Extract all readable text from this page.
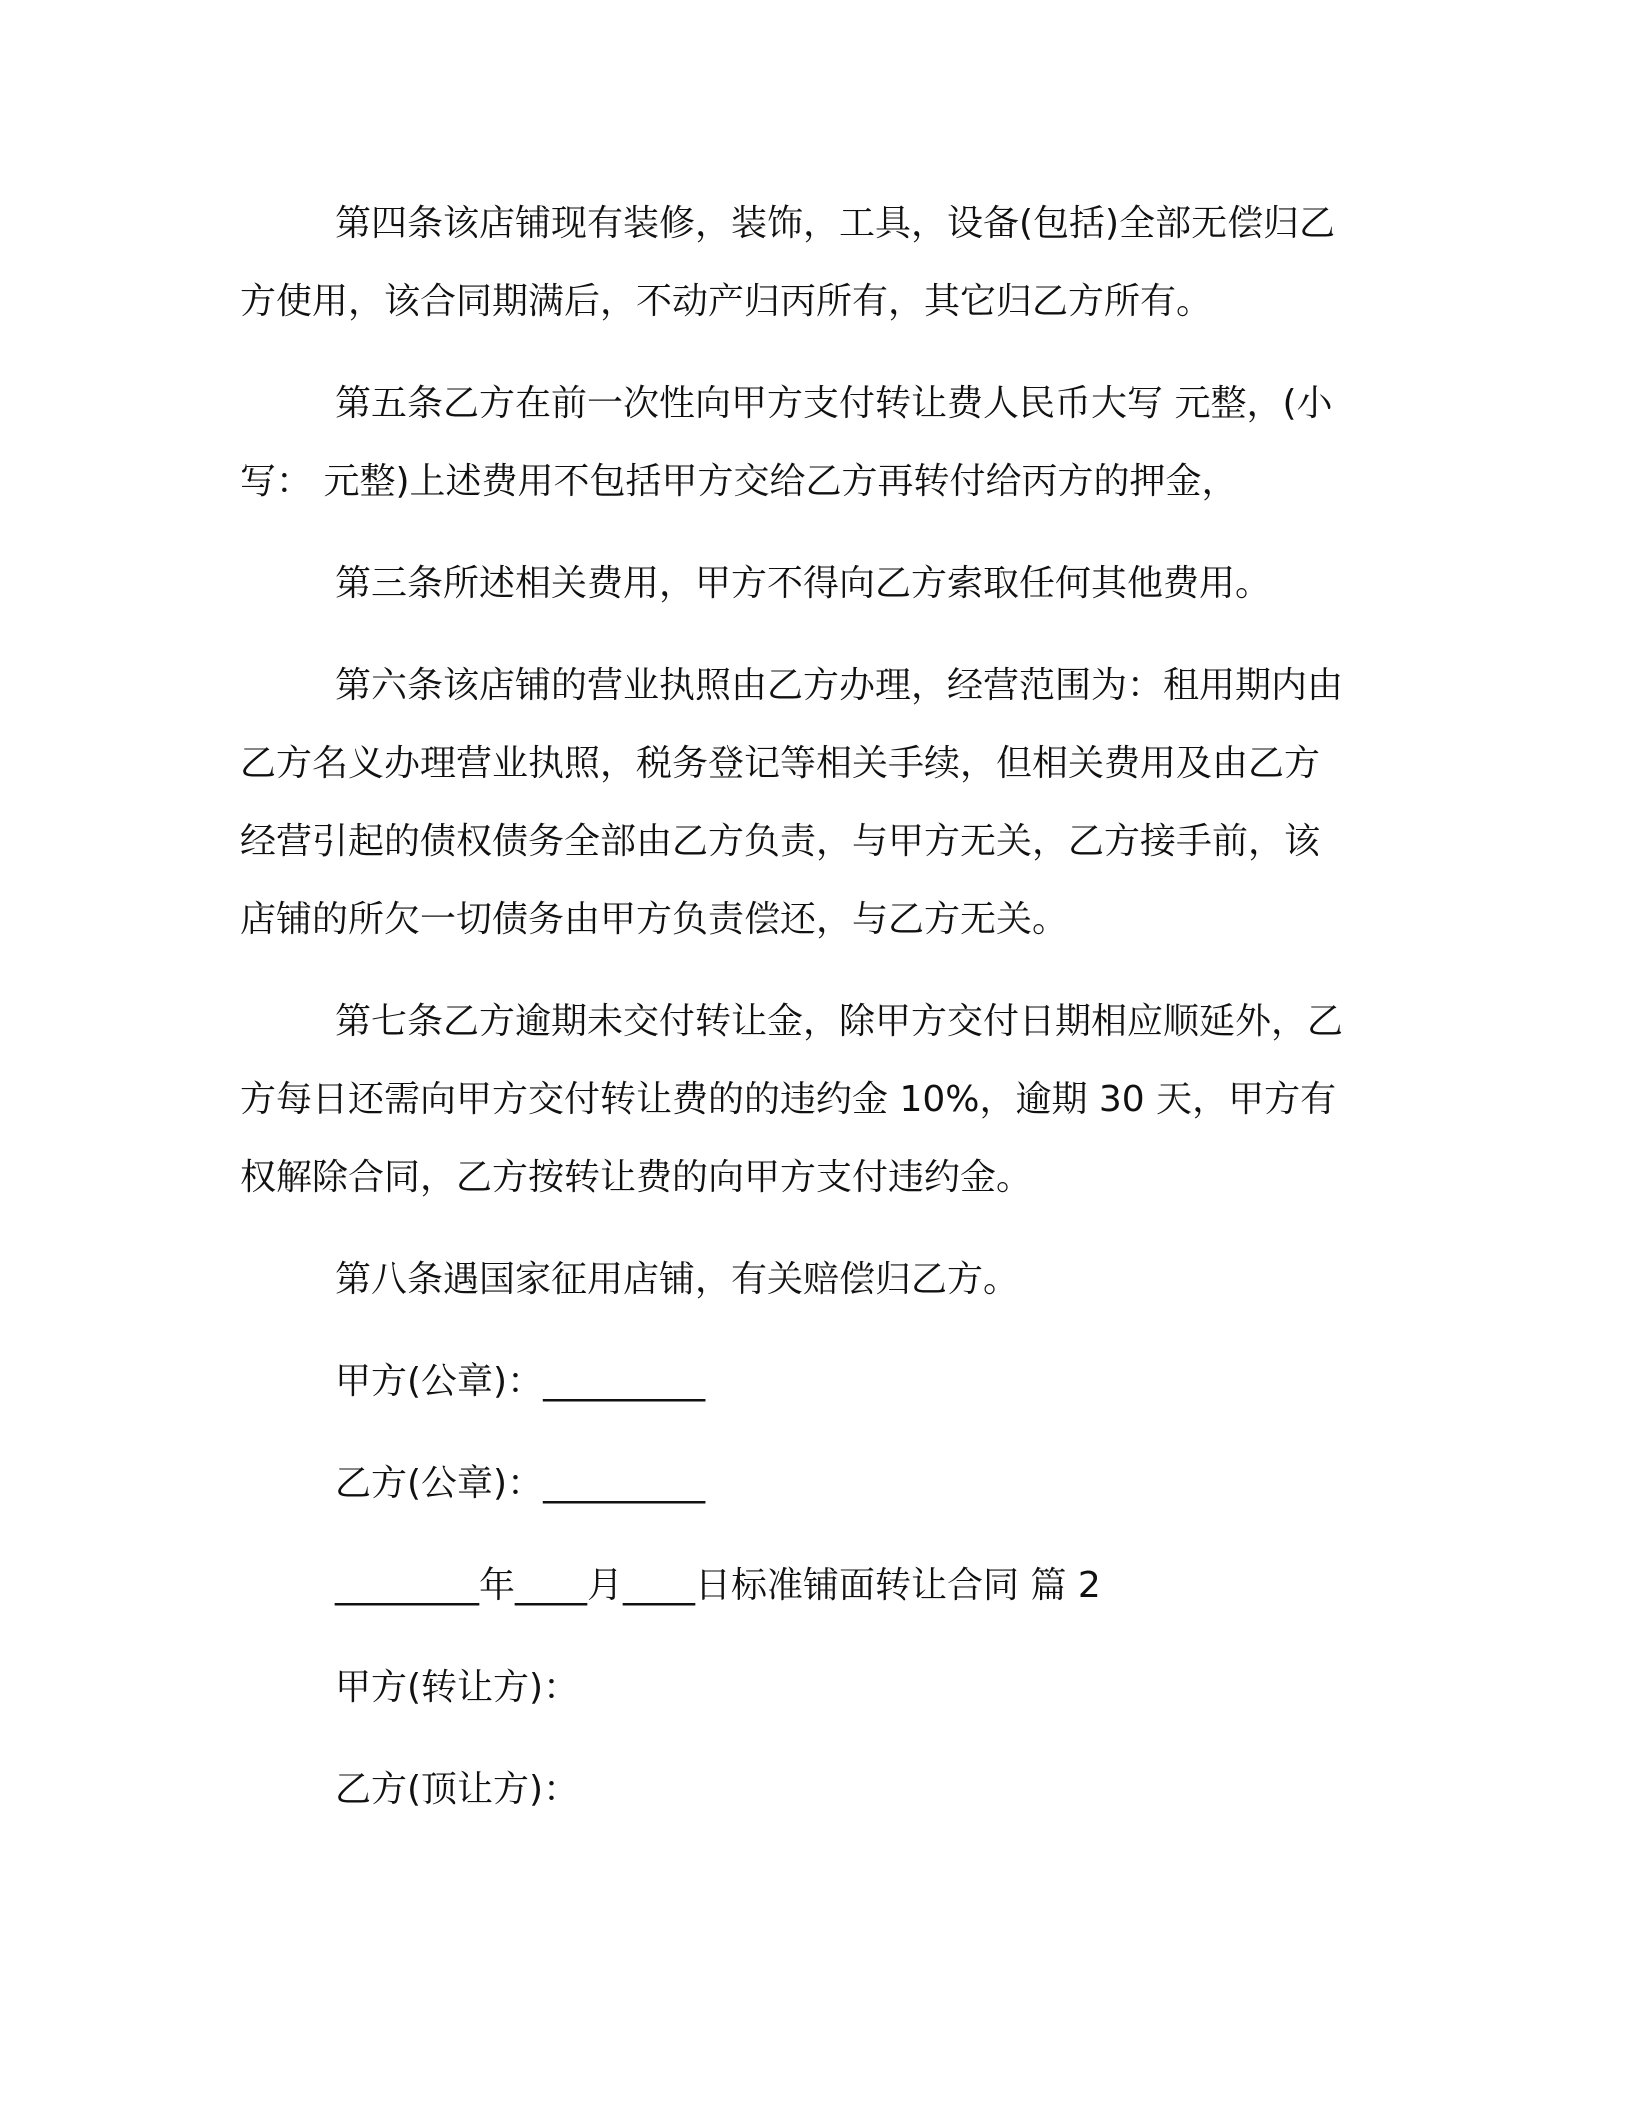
第四条该店铺现有装修，装饰，工具，设备(包括)全部无偿归乙
方使用，该合同期满后，不动产归丙所有，其它归乙方所有。

第五条乙方在前一次性向甲方支付转让费人民币大写 元整，(小
写： 元整)上述费用不包括甲方交给乙方再转付给丙方的押金，

第三条所述相关费用，甲方不得向乙方索取任何其他费用。

第六条该店铺的营业执照由乙方办理，经营范围为：租用期内由
乙方名义办理营业执照，税务登记等相关手续，但相关费用及由乙方
经营引起的债权债务全部由乙方负责，与甲方无关，乙方接手前，该
店铺的所欠一切债务由甲方负责偿还，与乙方无关。

第七条乙方逾期未交付转让金，除甲方交付日期相应顺延外，乙
方每日还需向甲方交付转让费的的违约金 10%，逾期 30 天，甲方有
权解除合同，乙方按转让费的向甲方支付违约金。

第八条遇国家征用店铺，有关赔偿归乙方。

甲方(公章)：_________

乙方(公章)：_________

________年____月____日标准铺面转让合同 篇 2

甲方(转让方)：

乙方(顶让方)：
